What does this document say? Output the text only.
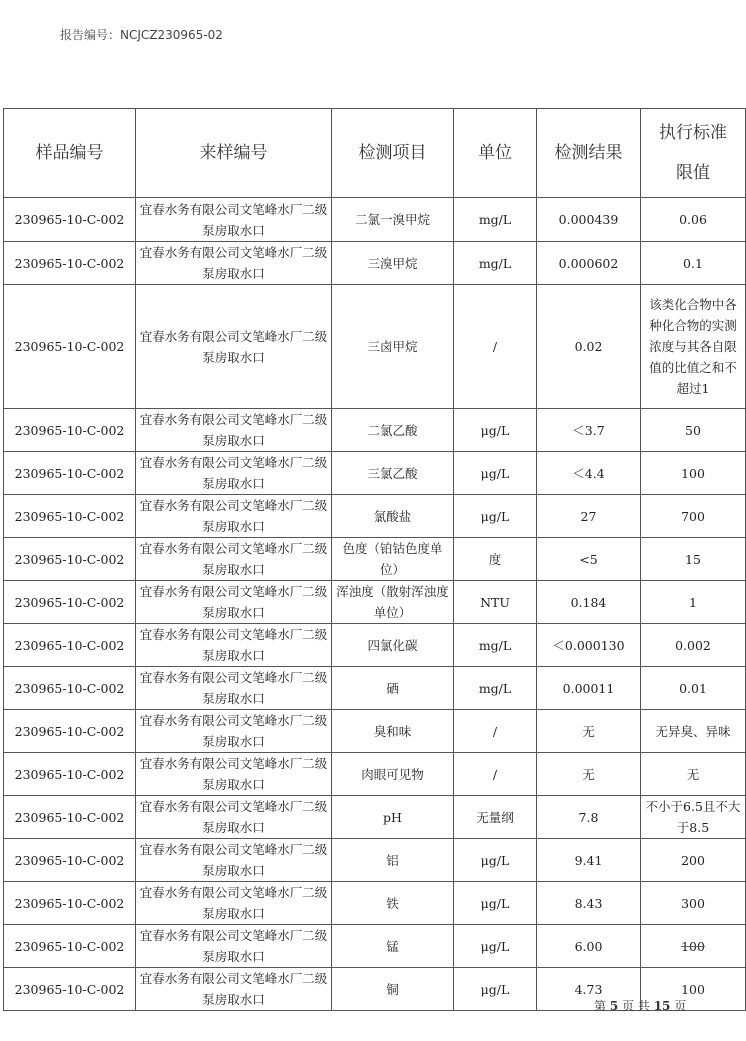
报告编号：NCJCZ230965-02
样品编号	来样编号	检测项目	单位	检测结果	执行标准限值
230965-10-C-002	宜春水务有限公司文笔峰水厂二级泵房取水口	二氯一溴甲烷	mg/L	0.000439	0.06
230965-10-C-002	宜春水务有限公司文笔峰水厂二级泵房取水口	三溴甲烷	mg/L	0.000602	0.1
230965-10-C-002	宜春水务有限公司文笔峰水厂二级泵房取水口	三卤甲烷	/	0.02	该类化合物中各种化合物的实测浓度与其各自限值的比值之和不超过1
230965-10-C-002	宜春水务有限公司文笔峰水厂二级泵房取水口	二氯乙酸	μg/L	＜3.7	50
230965-10-C-002	宜春水务有限公司文笔峰水厂二级泵房取水口	三氯乙酸	μg/L	＜4.4	100
230965-10-C-002	宜春水务有限公司文笔峰水厂二级泵房取水口	氯酸盐	μg/L	27	700
230965-10-C-002	宜春水务有限公司文笔峰水厂二级泵房取水口	色度（铂钴色度单位）	度	<5	15
230965-10-C-002	宜春水务有限公司文笔峰水厂二级泵房取水口	浑浊度（散射浑浊度单位）	NTU	0.184	1
230965-10-C-002	宜春水务有限公司文笔峰水厂二级泵房取水口	四氯化碳	mg/L	＜0.000130	0.002
230965-10-C-002	宜春水务有限公司文笔峰水厂二级泵房取水口	硒	mg/L	0.00011	0.01
230965-10-C-002	宜春水务有限公司文笔峰水厂二级泵房取水口	臭和味	/	无	无异臭、异味
230965-10-C-002	宜春水务有限公司文笔峰水厂二级泵房取水口	肉眼可见物	/	无	无
230965-10-C-002	宜春水务有限公司文笔峰水厂二级泵房取水口	pH	无量纲	7.8	不小于6.5且不大于8.5
230965-10-C-002	宜春水务有限公司文笔峰水厂二级泵房取水口	铝	μg/L	9.41	200
230965-10-C-002	宜春水务有限公司文笔峰水厂二级泵房取水口	铁	μg/L	8.43	300
230965-10-C-002	宜春水务有限公司文笔峰水厂二级泵房取水口	锰	μg/L	6.00	100
230965-10-C-002	宜春水务有限公司文笔峰水厂二级泵房取水口	铜	μg/L	4.73	100
第 5 页 共 15 页
